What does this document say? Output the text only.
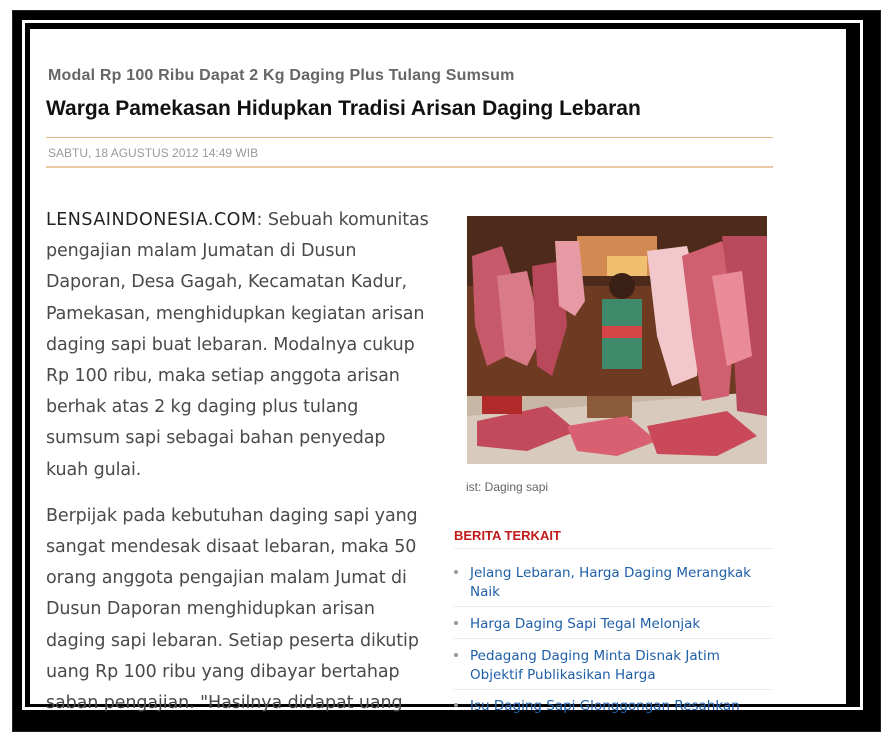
Modal Rp 100 Ribu Dapat 2 Kg Daging Plus Tulang Sumsum
Warga Pamekasan Hidupkan Tradisi Arisan Daging Lebaran
SABTU, 18 AGUSTUS 2012 14:49 WIB

LENSAINDONESIA.COM: Sebuah komunitas pengajian malam Jumatan di Dusun Daporan, Desa Gagah, Kecamatan Kadur, Pamekasan, menghidupkan kegiatan arisan daging sapi buat lebaran. Modalnya cukup Rp 100 ribu, maka setiap anggota arisan berhak atas 2 kg daging plus tulang sumsum sapi sebagai bahan penyedap kuah gulai.

Berpijak pada kebutuhan daging sapi yang sangat mendesak disaat lebaran, maka 50 orang anggota pengajian malam Jumat di Dusun Daporan menghidupkan arisan daging sapi lebaran. Setiap peserta dikutip uang Rp 100 ribu yang dibayar bertahap saban pengajian. "Hasilnya didapat uang

ist: Daging sapi
BERITA TERKAIT
Jelang Lebaran, Harga Daging Merangkak Naik
Harga Daging Sapi Tegal Melonjak
Pedagang Daging Minta Disnak Jatim Objektif Publikasikan Harga
Isu Daging Sapi Glonggongan Resahkan
